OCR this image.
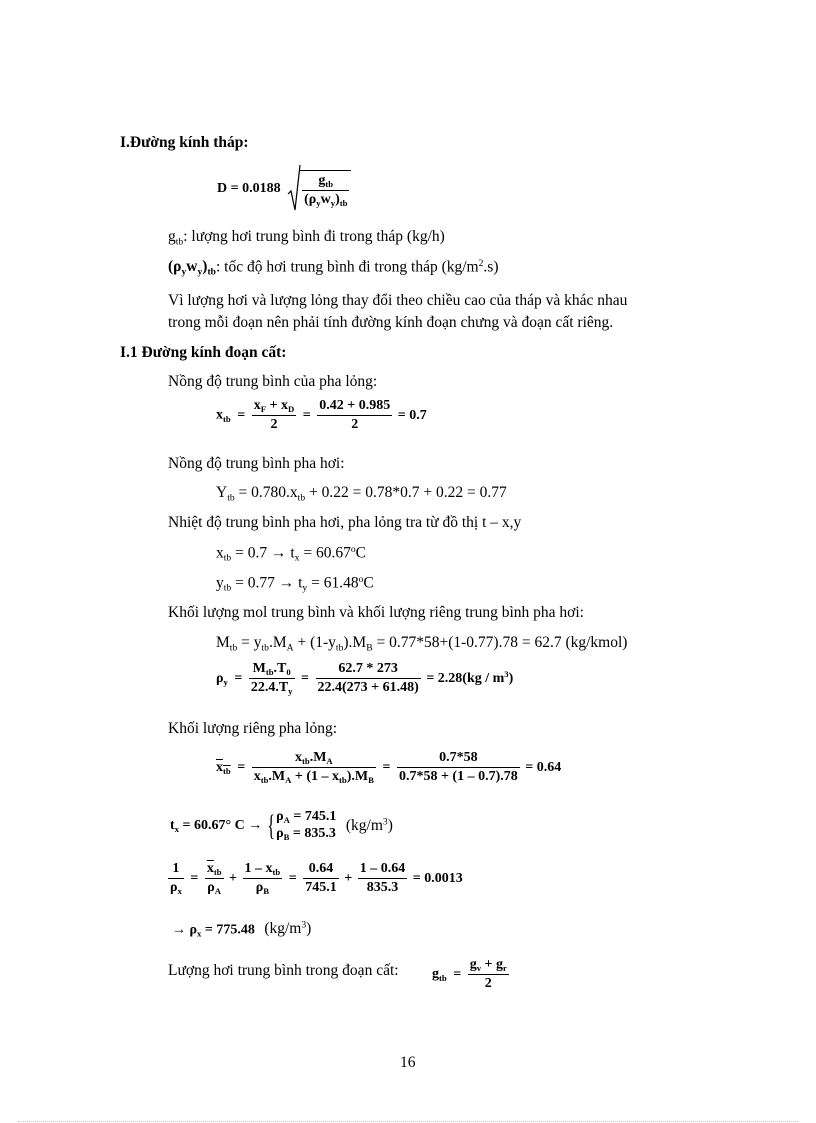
I.Đường kính tháp:
$D = 0.0188 \frac{g_{tb}}{(\rho_yw_y)_{tb}}$
$g_{tb}$: lượng hơi trung bình đi trong tháp (kg/h)
$(\rho_yw_y)_{tb}$: tốc độ hơi trung bình đi trong tháp $(kg/m^2.s)$
Vì lượng hơi và lượng lỏng thay đổi theo chiều cao của tháp và khác nhau
trong mỗi đoạn nên phải tính đường kính đoạn chưng và đoạn cất riêng.
I.1 Đường kính đoạn cất:
Nồng độ trung bình của pha lỏng:
$x_{tb} = \frac{x_F + x_D}{2} = \frac{0.42 + 0.985}{2} = 0.7$
Nồng độ trung bình pha hơi:
$Y_{tb} = 0.780.x_{tb} + 0.22 = 0.78*0.7 + 0.22 = 0.77$
Nhiệt độ trung bình pha hơi, pha lỏng tra từ đồ thị t – x,y
$x_{tb} = 0.7 \to t_x = 60.67^oC$
$y_{tb} = 0.77 \to t_y = 61.48^oC$
Khối lượng mol trung bình và khối lượng riêng trung bình pha hơi:
$M_{tb} = y_{tb}.M_A + (1-y_{tb}).M_B = 0.77*58+(1-0.77).78 = 62.7$ (kg/kmol)
$\rho_y = \frac{M_{tb}.T_0}{22.4.T_y} = \frac{62.7 * 273}{22.4(273 + 61.48)} = 2.28(kg / m^3)$
Khối lượng riêng pha lỏng:
$x_{tb} = \frac{x_{tb}.M_A}{x_{tb}.M_A + (1 - x_{tb}).M_B} = \frac{0.7*58}{0.7*58 + (1 - 0.7).78} = 0.64$
$t_x = 60.67^\circ$ C → { $\rho_A = 745.1$
$\rho_B = 835.3$ $(kg/m^3)$
$\frac{1}{\rho_x} = \frac{\overline{x}_{tb}}{\rho_A} + \frac{1 - x_{tb}}{\rho_B} = \frac{0.64}{745.1} + \frac{1 - 0.64}{835.3} = 0.0013$
→ $\rho_x = 775.48$ $(kg/m^3)$
Lượng hơi trung bình trong đoạn cất: $g_{tb} = \frac{g_v + g_r}{2}$
16
